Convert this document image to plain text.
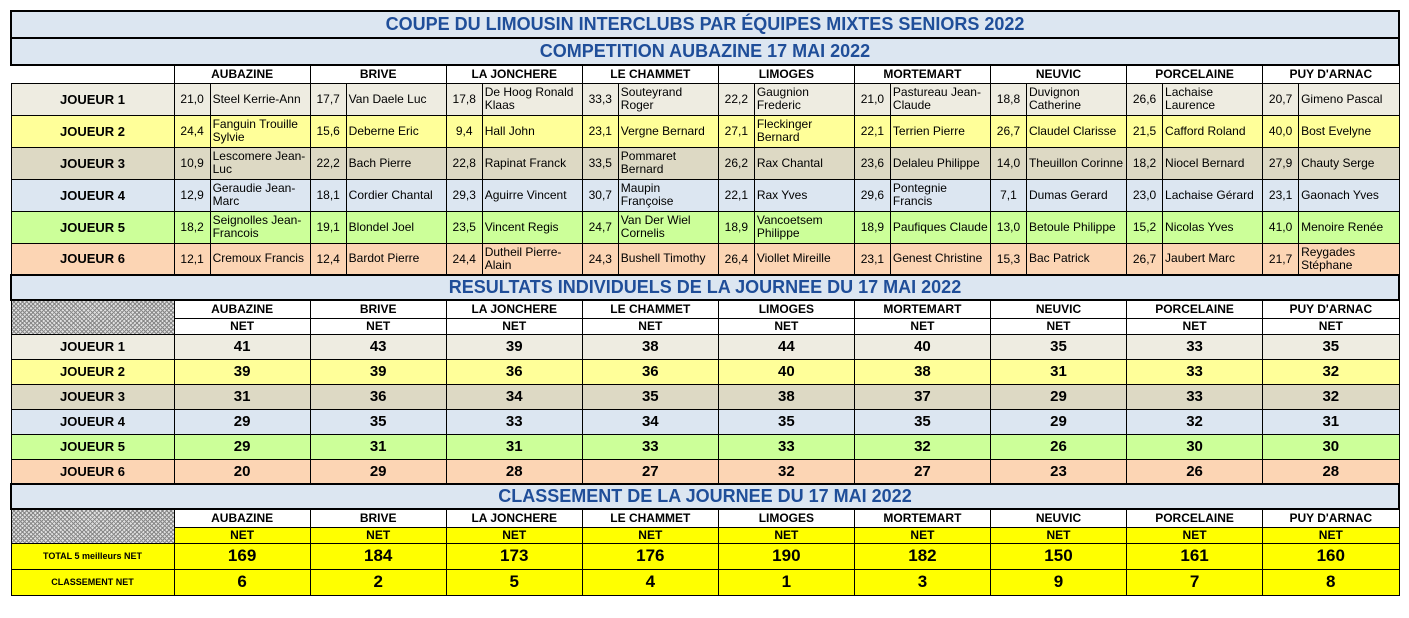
COUPE DU LIMOUSIN INTERCLUBS PAR ÉQUIPES MIXTES SENIORS 2022																		
COMPETITION AUBAZINE 17 MAI 2022																		
	AUBAZINE		BRIVE		LA JONCHERE		LE CHAMMET		LIMOGES		MORTEMART		NEUVIC		PORCELAINE		PUY D'ARNAC	
JOUEUR 1	21,0	Steel Kerrie-Ann	17,7	Van Daele Luc	17,8	De Hoog Ronald Klaas	33,3	Souteyrand Roger	22,2	Gaugnion Frederic	21,0	Pastureau Jean-Claude	18,8	Duvignon Catherine	26,6	Lachaise Laurence	20,7	Gimeno Pascal
JOUEUR 2	24,4	Fanguin Trouille Sylvie	15,6	Deberne Eric	9,4	Hall John	23,1	Vergne Bernard	27,1	Fleckinger Bernard	22,1	Terrien Pierre	26,7	Claudel Clarisse	21,5	Cafford Roland	40,0	Bost Evelyne
JOUEUR 3	10,9	Lescomere Jean-Luc	22,2	Bach Pierre	22,8	Rapinat Franck	33,5	Pommaret Bernard	26,2	Rax Chantal	23,6	Delaleu Philippe	14,0	Theuillon Corinne	18,2	Niocel Bernard	27,9	Chauty Serge
JOUEUR 4	12,9	Geraudie Jean-Marc	18,1	Cordier Chantal	29,3	Aguirre Vincent	30,7	Maupin Françoise	22,1	Rax Yves	29,6	Pontegnie Francis	7,1	Dumas Gerard	23,0	Lachaise Gérard	23,1	Gaonach Yves
JOUEUR 5	18,2	Seignolles Jean-Francois	19,1	Blondel Joel	23,5	Vincent Regis	24,7	Van Der Wiel Cornelis	18,9	Vancoetsem Philippe	18,9	Paufiques Claude	13,0	Betoule Philippe	15,2	Nicolas Yves	41,0	Menoire Renée
JOUEUR 6	12,1	Cremoux Francis	12,4	Bardot Pierre	24,4	Dutheil Pierre-Alain	24,3	Bushell Timothy	26,4	Viollet Mireille	23,1	Genest Christine	15,3	Bac Patrick	26,7	Jaubert Marc	21,7	Reygades Stéphane
RESULTATS INDIVIDUELS DE LA JOURNEE DU 17 MAI 2022																		
	AUBAZINE		BRIVE		LA JONCHERE		LE CHAMMET		LIMOGES		MORTEMART		NEUVIC		PORCELAINE		PUY D'ARNAC	
	NET		NET		NET		NET		NET		NET		NET		NET		NET	
JOUEUR 1	41		43		39		38		44		40		35		33		35	
JOUEUR 2	39		39		36		36		40		38		31		33		32	
JOUEUR 3	31		36		34		35		38		37		29		33		32	
JOUEUR 4	29		35		33		34		35		35		29		32		31	
JOUEUR 5	29		31		31		33		33		32		26		30		30	
JOUEUR 6	20		29		28		27		32		27		23		26		28	
CLASSEMENT DE LA JOURNEE DU 17 MAI 2022																		
	AUBAZINE		BRIVE		LA JONCHERE		LE CHAMMET		LIMOGES		MORTEMART		NEUVIC		PORCELAINE		PUY D'ARNAC	
	NET		NET		NET		NET		NET		NET		NET		NET		NET	
TOTAL 5 meilleurs NET	169		184		173		176		190		182		150		161		160	
CLASSEMENT NET	6		2		5		4		1		3		9		7		8	
